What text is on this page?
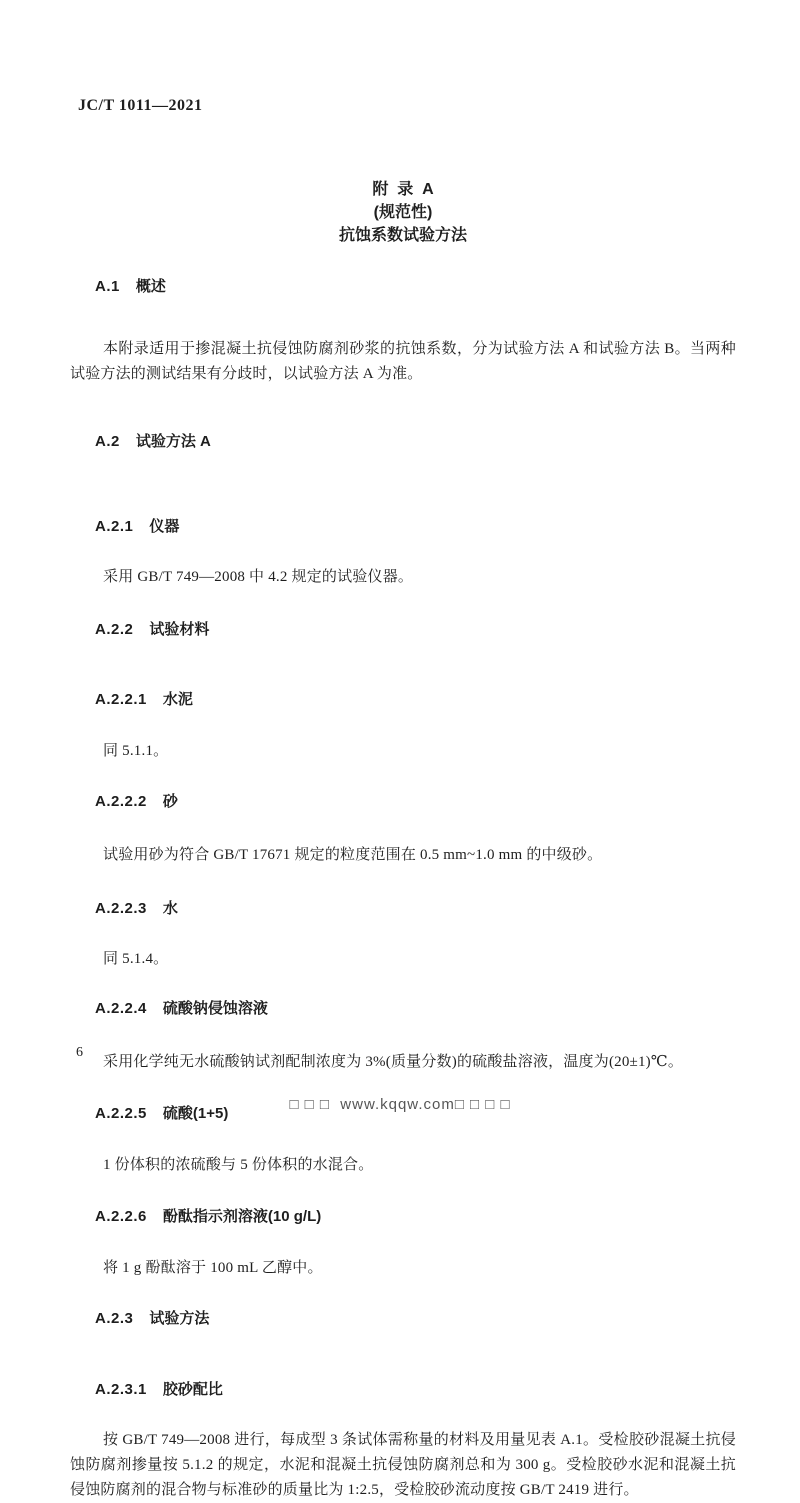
JC/T 1011—2021
附  录  A
(规范性)
抗蚀系数试验方法

A.1 概述

本附录适用于掺混凝土抗侵蚀防腐剂砂浆的抗蚀系数，分为试验方法 A 和试验方法 B。当两种试验方法的测试结果有分歧时，以试验方法 A 为准。

A.2 试验方法 A

A.2.1 仪器

采用 GB/T 749—2008 中 4.2 规定的试验仪器。

A.2.2 试验材料

A.2.2.1 水泥

同 5.1.1。

A.2.2.2 砂

试验用砂为符合 GB/T 17671 规定的粒度范围在 0.5 mm~1.0 mm 的中级砂。

A.2.2.3 水

同 5.1.4。

A.2.2.4 硫酸钠侵蚀溶液

采用化学纯无水硫酸钠试剂配制浓度为 3%(质量分数)的硫酸盐溶液，温度为(20±1)℃。

A.2.2.5 硫酸(1+5)

1 份体积的浓硫酸与 5 份体积的水混合。

A.2.2.6 酚酞指示剂溶液(10 g/L)

将 1 g 酚酞溶于 100 mL 乙醇中。

A.2.3 试验方法

A.2.3.1 胶砂配比

按 GB/T 749—2008 进行，每成型 3 条试体需称量的材料及用量见表 A.1。受检胶砂混凝土抗侵蚀防腐剂掺量按 5.1.2 的规定，水泥和混凝土抗侵蚀防腐剂总和为 300 g。受检胶砂水泥和混凝土抗侵蚀防腐剂的混合物与标准砂的质量比为 1:2.5，受检胶砂流动度按 GB/T 2419 进行。

6
□ □ □  www.kqqw.com□ □ □ □
